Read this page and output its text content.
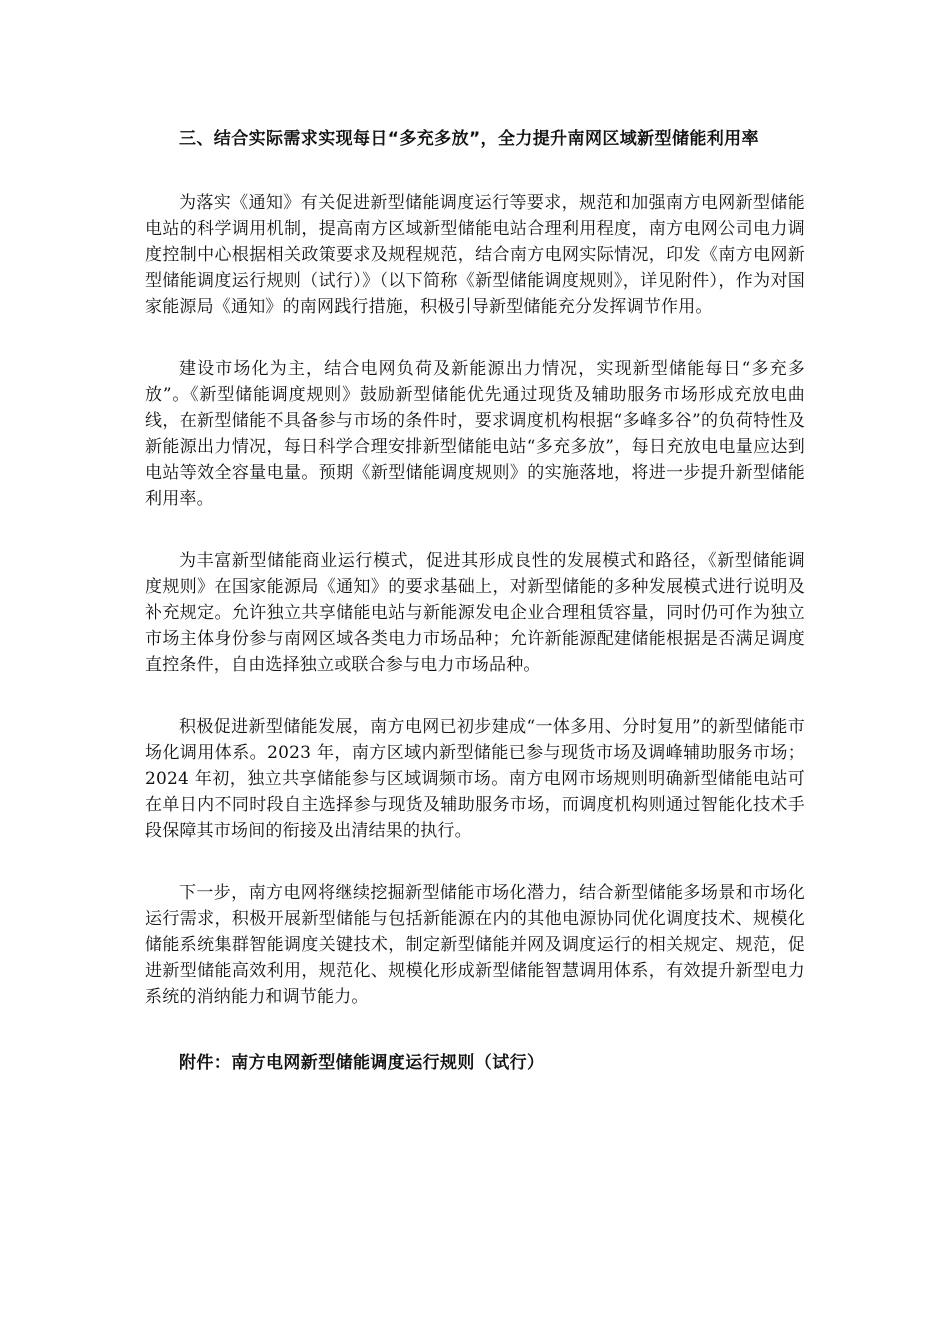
三、结合实际需求实现每日“多充多放”，全力提升南网区域新型储能利用率

为落实《通知》有关促进新型储能调度运行等要求，规范和加强南方电网新型储能电站的科学调用机制，提高南方区域新型储能电站合理利用程度，南方电网公司电力调度控制中心根据相关政策要求及规程规范，结合南方电网实际情况，印发《南方电网新型储能调度运行规则（试行）》（以下简称《新型储能调度规则》，详见附件），作为对国家能源局《通知》的南网践行措施，积极引导新型储能充分发挥调节作用。

建设市场化为主，结合电网负荷及新能源出力情况，实现新型储能每日“多充多放”。《新型储能调度规则》鼓励新型储能优先通过现货及辅助服务市场形成充放电曲线，在新型储能不具备参与市场的条件时，要求调度机构根据“多峰多谷”的负荷特性及新能源出力情况，每日科学合理安排新型储能电站“多充多放”，每日充放电电量应达到电站等效全容量电量。预期《新型储能调度规则》的实施落地，将进一步提升新型储能利用率。

为丰富新型储能商业运行模式，促进其形成良性的发展模式和路径，《新型储能调度规则》在国家能源局《通知》的要求基础上，对新型储能的多种发展模式进行说明及补充规定。允许独立共享储能电站与新能源发电企业合理租赁容量，同时仍可作为独立市场主体身份参与南网区域各类电力市场品种；允许新能源配建储能根据是否满足调度直控条件，自由选择独立或联合参与电力市场品种。

积极促进新型储能发展，南方电网已初步建成“一体多用、分时复用”的新型储能市场化调用体系。2023 年，南方区域内新型储能已参与现货市场及调峰辅助服务市场；2024 年初，独立共享储能参与区域调频市场。南方电网市场规则明确新型储能电站可在单日内不同时段自主选择参与现货及辅助服务市场，而调度机构则通过智能化技术手段保障其市场间的衔接及出清结果的执行。

下一步，南方电网将继续挖掘新型储能市场化潜力，结合新型储能多场景和市场化运行需求，积极开展新型储能与包括新能源在内的其他电源协同优化调度技术、规模化储能系统集群智能调度关键技术，制定新型储能并网及调度运行的相关规定、规范，促进新型储能高效利用，规范化、规模化形成新型储能智慧调用体系，有效提升新型电力系统的消纳能力和调节能力。

附件：南方电网新型储能调度运行规则（试行）
